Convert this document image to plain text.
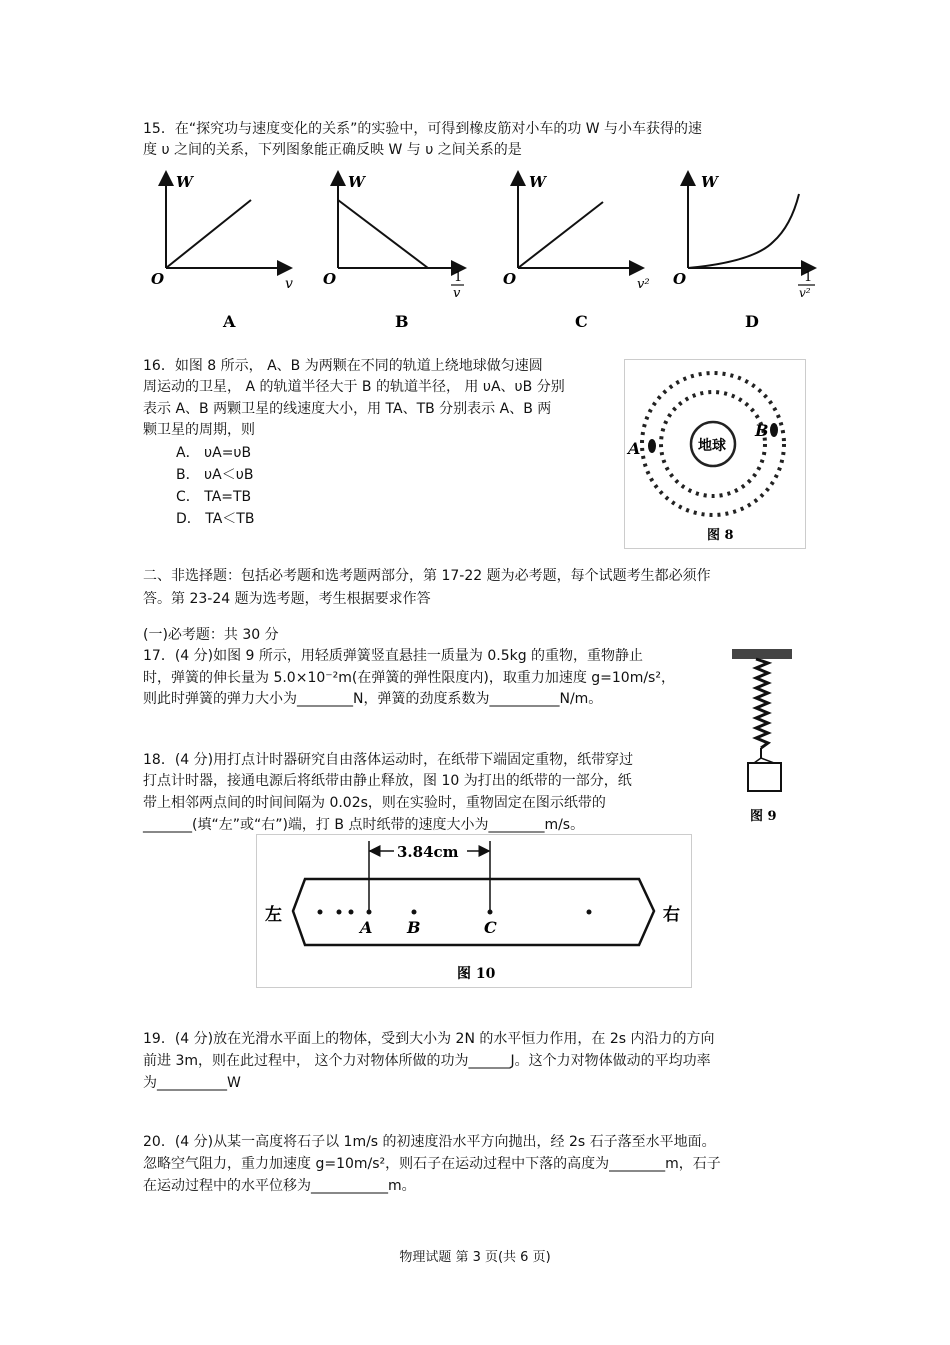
15．在“探究功与速度变化的关系”的实验中，可得到橡皮筋对小车的功 W 与小车获得的速
度 υ 之间的关系，下列图象能正确反映 W 与 υ 之间关系的是
W
O	v
A
W
O	1
v
B
W
O	v²
C
W
O	1
v²
D
16．如图 8 所示， A、B 为两颗在不同的轨道上绕地球做匀速圆
周运动的卫星， A 的轨道半径大于 B 的轨道半径， 用 υA、υB 分别
表示 A、B 两颗卫星的线速度大小，用 TA、TB 分别表示 A、B 两
颗卫星的周期，则
A． υA=υB
B． υA＜υB
C． TA=TB
D． TA＜TB
地球
A
B
图 8
二、非选择题：包括必考题和选考题两部分，第 17-22 题为必考题，每个试题考生都必须作
答。第 23-24 题为选考题，考生根据要求作答
(一)必考题：共 30 分
17．(4 分)如图 9 所示，用轻质弹簧竖直悬挂一质量为 0.5kg 的重物，重物静止
时，弹簧的伸长量为 5.0×10⁻²m(在弹簧的弹性限度内)，取重力加速度 g=10m/s²，
则此时弹簧的弹力大小为________N，弹簧的劲度系数为__________N/m。
图 9
18．(4 分)用打点计时器研究自由落体运动时，在纸带下端固定重物，纸带穿过
打点计时器，接通电源后将纸带由静止释放，图 10 为打出的纸带的一部分，纸
带上相邻两点间的时间间隔为 0.02s，则在实验时，重物固定在图示纸带的
_______(填“左”或“右”)端，打 B 点时纸带的速度大小为________m/s。
3.84cm
A B	C
左	右
图 10
19．(4 分)放在光滑水平面上的物体，受到大小为 2N 的水平恒力作用，在 2s 内沿力的方向
前进 3m，则在此过程中， 这个力对物体所做的功为______J。这个力对物体做动的平均功率
为__________W
20．(4 分)从某一高度将石子以 1m/s 的初速度沿水平方向抛出，经 2s 石子落至水平地面。
忽略空气阻力，重力加速度 g=10m/s²，则石子在运动过程中下落的高度为________m，石子
在运动过程中的水平位移为___________m。
物理试题 第 3 页(共 6 页)
